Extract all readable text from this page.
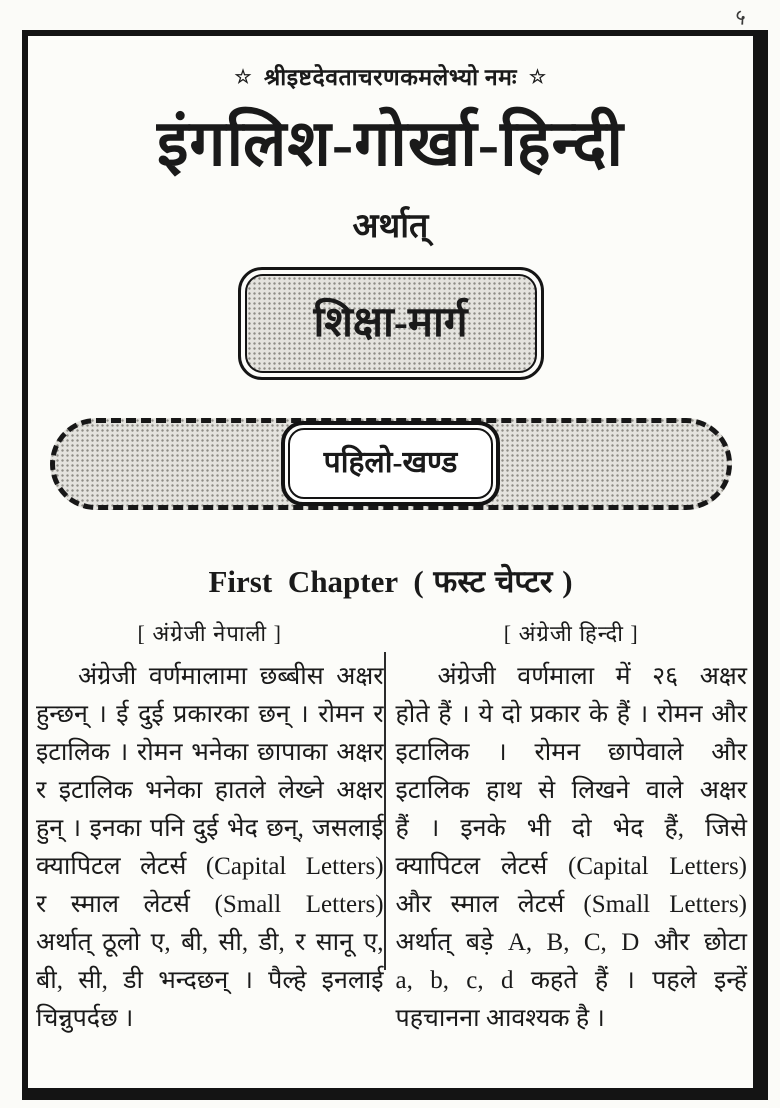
५
☆ श्रीइष्टदेवताचरणकमलेभ्यो नमः ☆
इंगलिश-गोर्खा-हिन्दी
अर्थात्
शिक्षा-मार्ग
पहिलो-खण्ड
First Chapter ( फस्ट चेप्टर )
[ अंग्रेजी नेपाली ]
अंग्रेजी वर्णमालामा छब्बीस अक्षर
हुन्छन् । ई दुई प्रकारका छन् । रोमन र
इटालिक । रोमन भनेका छापाका अक्षर
र इटालिक भनेका हातले लेख्ने अक्षर
हुन् । इनका पनि दुई भेद छन्, जसलाई
क्यापिटल लेटर्स (Capital Letters)
र स्माल लेटर्स (Small Letters)
अर्थात् ठूलो ए, बी, सी, डी, र सानू ए,
बी, सी, डी भन्दछन् । पैल्हे इनलाई
चिन्नुपर्दछ ।
[ अंग्रेजी हिन्दी ]
अंग्रेजी वर्णमाला में २६ अक्षर
होते हैं । ये दो प्रकार के हैं । रोमन और
इटालिक । रोमन छापेवाले और
इटालिक हाथ से लिखने वाले अक्षर
हैं । इनके भी दो भेद हैं, जिसे
क्यापिटल लेटर्स (Capital Letters)
और स्माल लेटर्स (Small Letters)
अर्थात् बड़े A, B, C, D और छोटा
a, b, c, d कहते हैं । पहले इन्हें
पहचानना आवश्यक है ।
